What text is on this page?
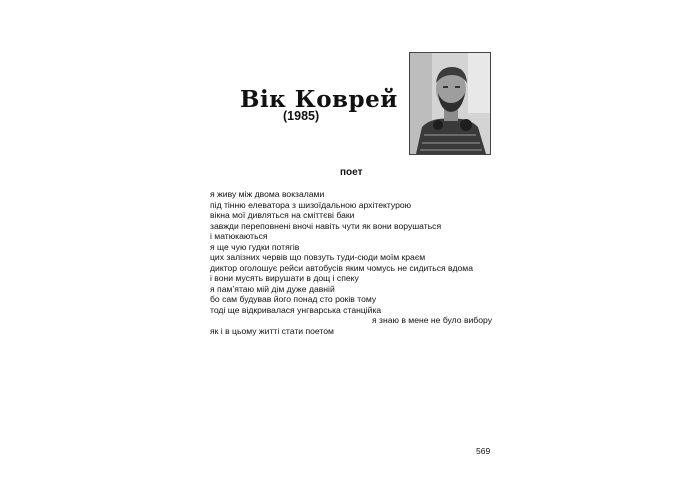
Вік Коврей
(1985)
поет
я живу між двома вокзалами
під тінню елеватора з шизоїдальною архітектурою
вікна мої дивляться на сміттєві баки
завжди переповнені вночі навіть чути як вони ворушаться
і матюкаються
я ще чую гудки потягів
цих залізних червів що повзуть туди-сюди моїм краєм
диктор оголошує рейси автобусів яким чомусь не сидиться вдома
і вони мусять вирушати в дощ і спеку
я пам’ятаю мій дім дуже давній
бо сам будував його понад сто років тому
тоді ще відкривалася унгварська станційка
я знаю в мене не було вибору
як і в цьому житті стати поетом
569
